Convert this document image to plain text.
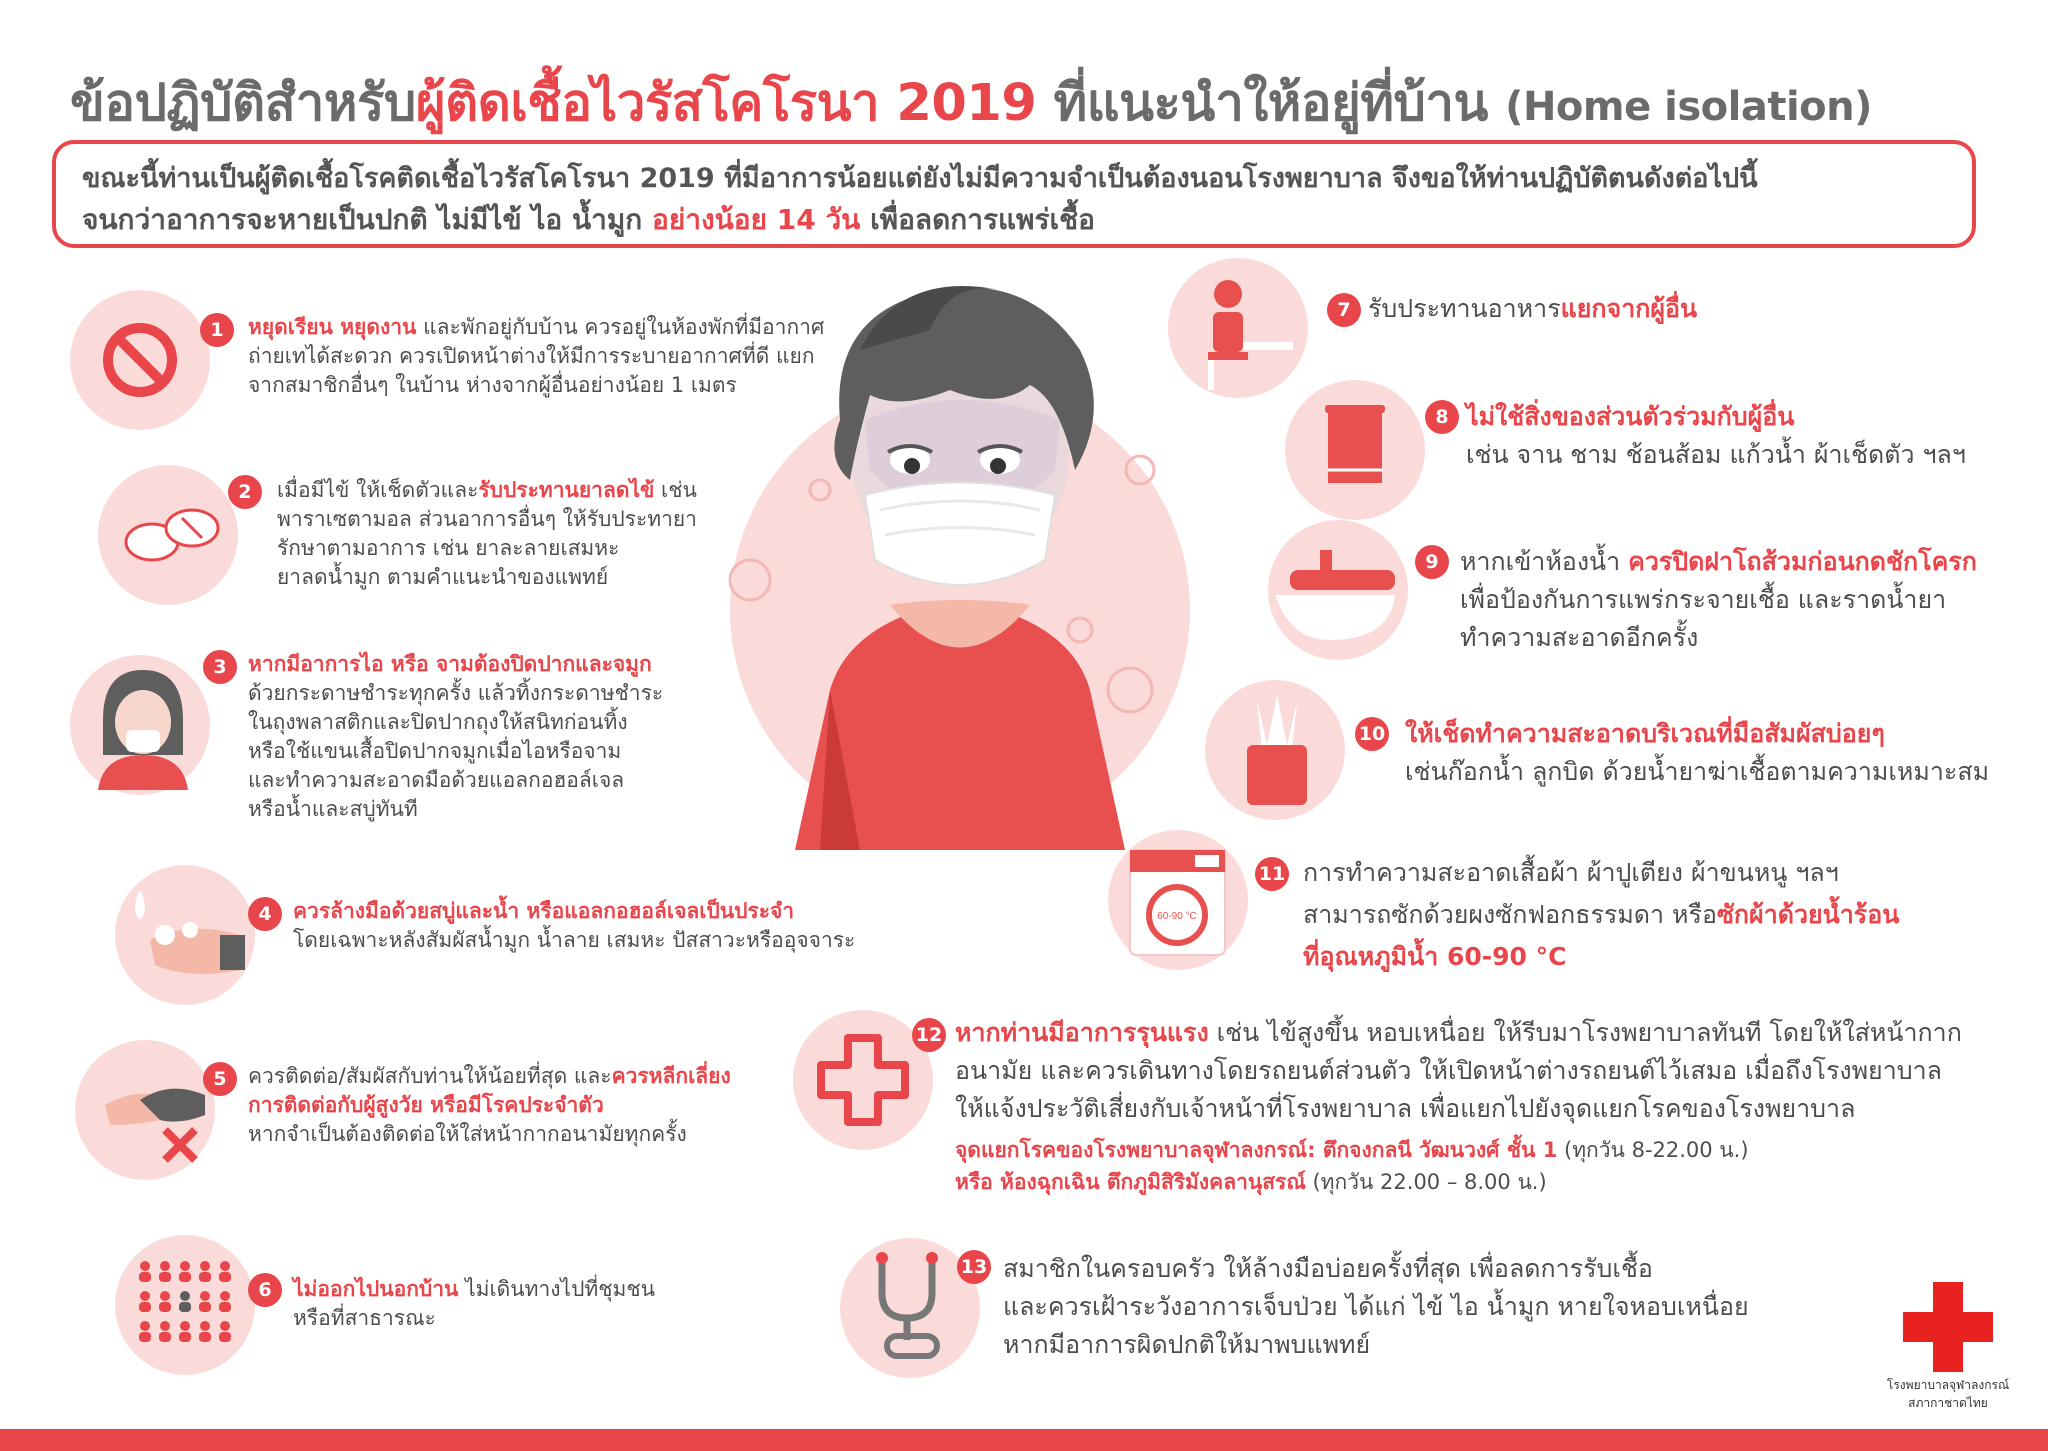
ข้อปฏิบัติสำหรับผู้ติดเชื้อไวรัสโคโรนา 2019 ที่แนะนำให้อยู่ที่บ้าน (Home isolation)
ขณะนี้ท่านเป็นผู้ติดเชื้อโรคติดเชื้อไวรัสโคโรนา 2019 ที่มีอาการน้อยแต่ยังไม่มีความจำเป็นต้องนอนโรงพยาบาล จึงขอให้ท่านปฏิบัติตนดังต่อไปนี้
จนกว่าอาการจะหายเป็นปกติ ไม่มีไข้ ไอ น้ำมูก อย่างน้อย 14 วัน เพื่อลดการแพร่เชื้อ
1	หยุดเรียน หยุดงาน และพักอยู่กับบ้าน ควรอยู่ในห้องพักที่มีอากาศ
ถ่ายเทได้สะดวก ควรเปิดหน้าต่างให้มีการระบายอากาศที่ดี แยก
จากสมาชิกอื่นๆ ในบ้าน ห่างจากผู้อื่นอย่างน้อย 1 เมตร
2	เมื่อมีไข้ ให้เช็ดตัวและรับประทานยาลดไข้ เช่น
พาราเซตามอล ส่วนอาการอื่นๆ ให้รับประทายา
รักษาตามอาการ เช่น ยาละลายเสมหะ
ยาลดน้ำมูก ตามคำแนะนำของแพทย์
3	หากมีอาการไอ หรือ จามต้องปิดปากและจมูก
ด้วยกระดาษชำระทุกครั้ง แล้วทิ้งกระดาษชำระ
ในถุงพลาสติกและปิดปากถุงให้สนิทก่อนทิ้ง
หรือใช้แขนเสื้อปิดปากจมูกเมื่อไอหรือจาม
และทำความสะอาดมือด้วยแอลกอฮอล์เจล
หรือน้ำและสบู่ทันที
4	ควรล้างมือด้วยสบู่และน้ำ หรือแอลกอฮอล์เจลเป็นประจำ
โดยเฉพาะหลังสัมผัสน้ำมูก น้ำลาย เสมหะ ปัสสาวะหรืออุจจาระ
5	ควรติดต่อ/สัมผัสกับท่านให้น้อยที่สุด และควรหลีกเลี่ยง
การติดต่อกับผู้สูงวัย หรือมีโรคประจำตัว
หากจำเป็นต้องติดต่อให้ใส่หน้ากากอนามัยทุกครั้ง
6	ไม่ออกไปนอกบ้าน ไม่เดินทางไปที่ชุมชน
หรือที่สาธารณะ
7 รับประทานอาหารแยกจากผู้อื่น
8 ไม่ใช้สิ่งของส่วนตัวร่วมกับผู้อื่น
เช่น จาน ชาม ช้อนส้อม แก้วน้ำ ผ้าเช็ดตัว ฯลฯ
9 หากเข้าห้องน้ำ ควรปิดฝาโถส้วมก่อนกดชักโครก
เพื่อป้องกันการแพร่กระจายเชื้อ และราดน้ำยา
ทำความสะอาดอีกครั้ง
10 ให้เช็ดทำความสะอาดบริเวณที่มือสัมผัสบ่อยๆ
เช่นก๊อกน้ำ ลูกบิด ด้วยน้ำยาฆ่าเชื้อตามความเหมาะสม
60-90 °C
11 การทำความสะอาดเสื้อผ้า ผ้าปูเตียง ผ้าขนหนู ฯลฯ
สามารถซักด้วยผงซักฟอกธรรมดา หรือซักผ้าด้วยน้ำร้อน
ที่อุณหภูมิน้ำ 60-90 °C
12 หากท่านมีอาการรุนแรง เช่น ไข้สูงขึ้น หอบเหนื่อย ให้รีบมาโรงพยาบาลทันที โดยให้ใส่หน้ากาก
อนามัย และควรเดินทางโดยรถยนต์ส่วนตัว ให้เปิดหน้าต่างรถยนต์ไว้เสมอ เมื่อถึงโรงพยาบาล
ให้แจ้งประวัติเสี่ยงกับเจ้าหน้าที่โรงพยาบาล เพื่อแยกไปยังจุดแยกโรคของโรงพยาบาล
จุดแยกโรคของโรงพยาบาลจุฬาลงกรณ์: ตึกจงกลนี วัฒนวงศ์ ชั้น 1 (ทุกวัน 8-22.00 น.)
หรือ ห้องฉุกเฉิน ตึกภูมิสิริมังคลานุสรณ์ (ทุกวัน 22.00 – 8.00 น.)
13 สมาชิกในครอบครัว ให้ล้างมือบ่อยครั้งที่สุด เพื่อลดการรับเชื้อ
และควรเฝ้าระวังอาการเจ็บป่วย ได้แก่ ไข้ ไอ น้ำมูก หายใจหอบเหนื่อย
หากมีอาการผิดปกติให้มาพบแพทย์
โรงพยาบาลจุฬาลงกรณ์
สภากาชาดไทย
